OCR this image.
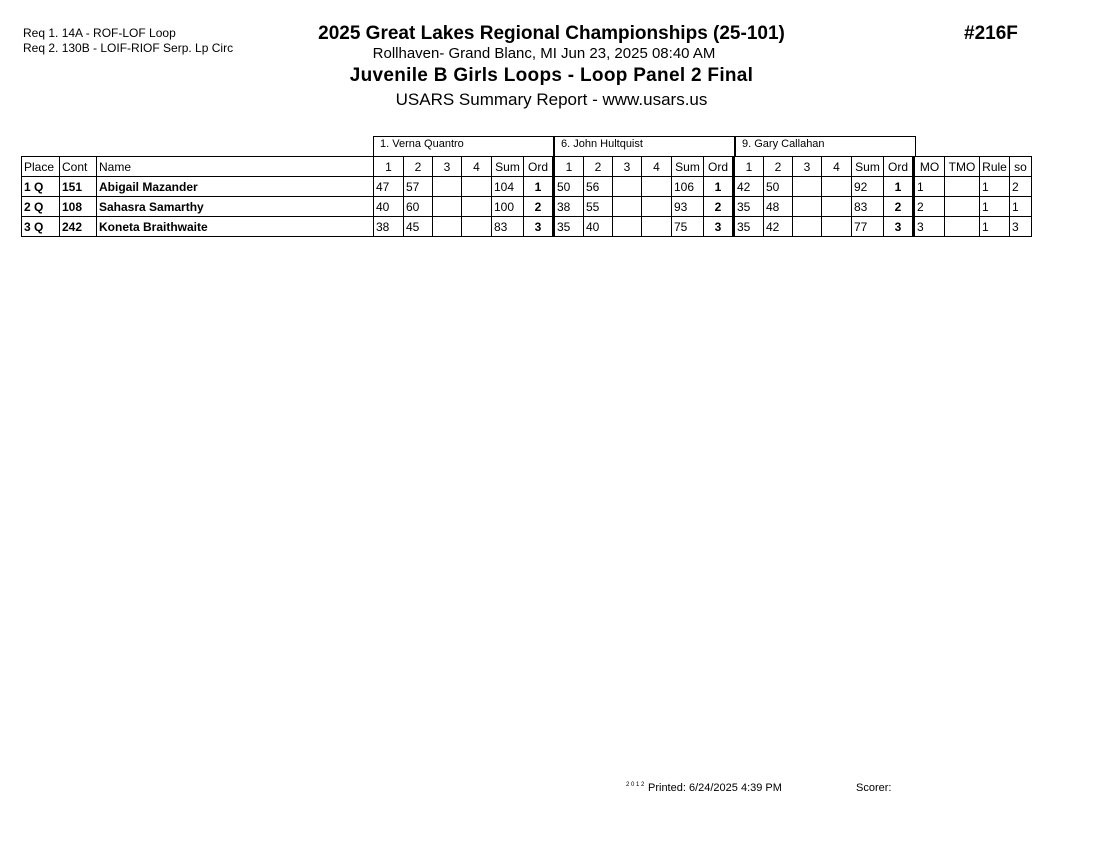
Req 1. 14A - ROF-LOF Loop
Req 2. 130B - LOIF-RIOF Serp. Lp Circ
2025 Great Lakes Regional Championships (25-101)
Rollhaven- Grand Blanc, MI Jun 23, 2025 08:40 AM
Juvenile B Girls Loops - Loop Panel 2 Final
USARS Summary Report - www.usars.us
#216F
1. Verna Quantro	6. John Hultquist	9. Gary Callahan
Place	Cont	Name	1	2	3	4	Sum	Ord	1	2	3	4	Sum	Ord	1	2	3	4	Sum	Ord	MO	TMO	Rule	so
1 Q	151	Abigail Mazander	47	57			104	1	50	56			106	1	42	50			92	1	1		1	2
2 Q	108	Sahasra Samarthy	40	60			100	2	38	55			93	2	35	48			83	2	2		1	1
3 Q	242	Koneta Braithwaite	38	45			83	3	35	40			75	3	35	42			77	3	3		1	3
2 0 1 2 Printed: 6/24/2025 4:39 PM	Scorer:
